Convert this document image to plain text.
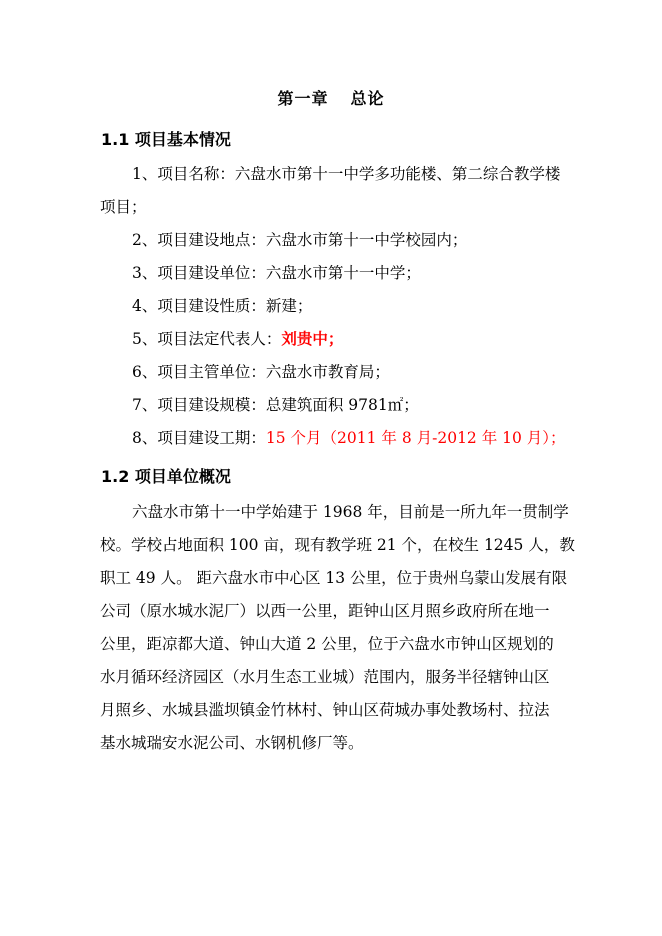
第一章 总论
1.1 项目基本情况
1、项目名称：六盘水市第十一中学多功能楼、第二综合教学楼
项目；
2、项目建设地点：六盘水市第十一中学校园内；
3、项目建设单位：六盘水市第十一中学；
4、项目建设性质：新建；
5、项目法定代表人：刘贵中；
6、项目主管单位：六盘水市教育局；
7、项目建设规模：总建筑面积 9781㎡；
8、项目建设工期：15 个月（2011 年 8 月-2012 年 10 月）；
1.2 项目单位概况
六盘水市第十一中学始建于 1968 年，目前是一所九年一贯制学
校。学校占地面积 100 亩，现有教学班 21 个，在校生 1245 人，教
职工 49 人。 距六盘水市中心区 13 公里，位于贵州乌蒙山发展有限
公司（原水城水泥厂）以西一公里，距钟山区月照乡政府所在地一
公里，距凉都大道、钟山大道 2 公里，位于六盘水市钟山区规划的
水月循环经济园区（水月生态工业城）范围内，服务半径辖钟山区
月照乡、水城县滥坝镇金竹林村、钟山区荷城办事处教场村、拉法
基水城瑞安水泥公司、水钢机修厂等。
